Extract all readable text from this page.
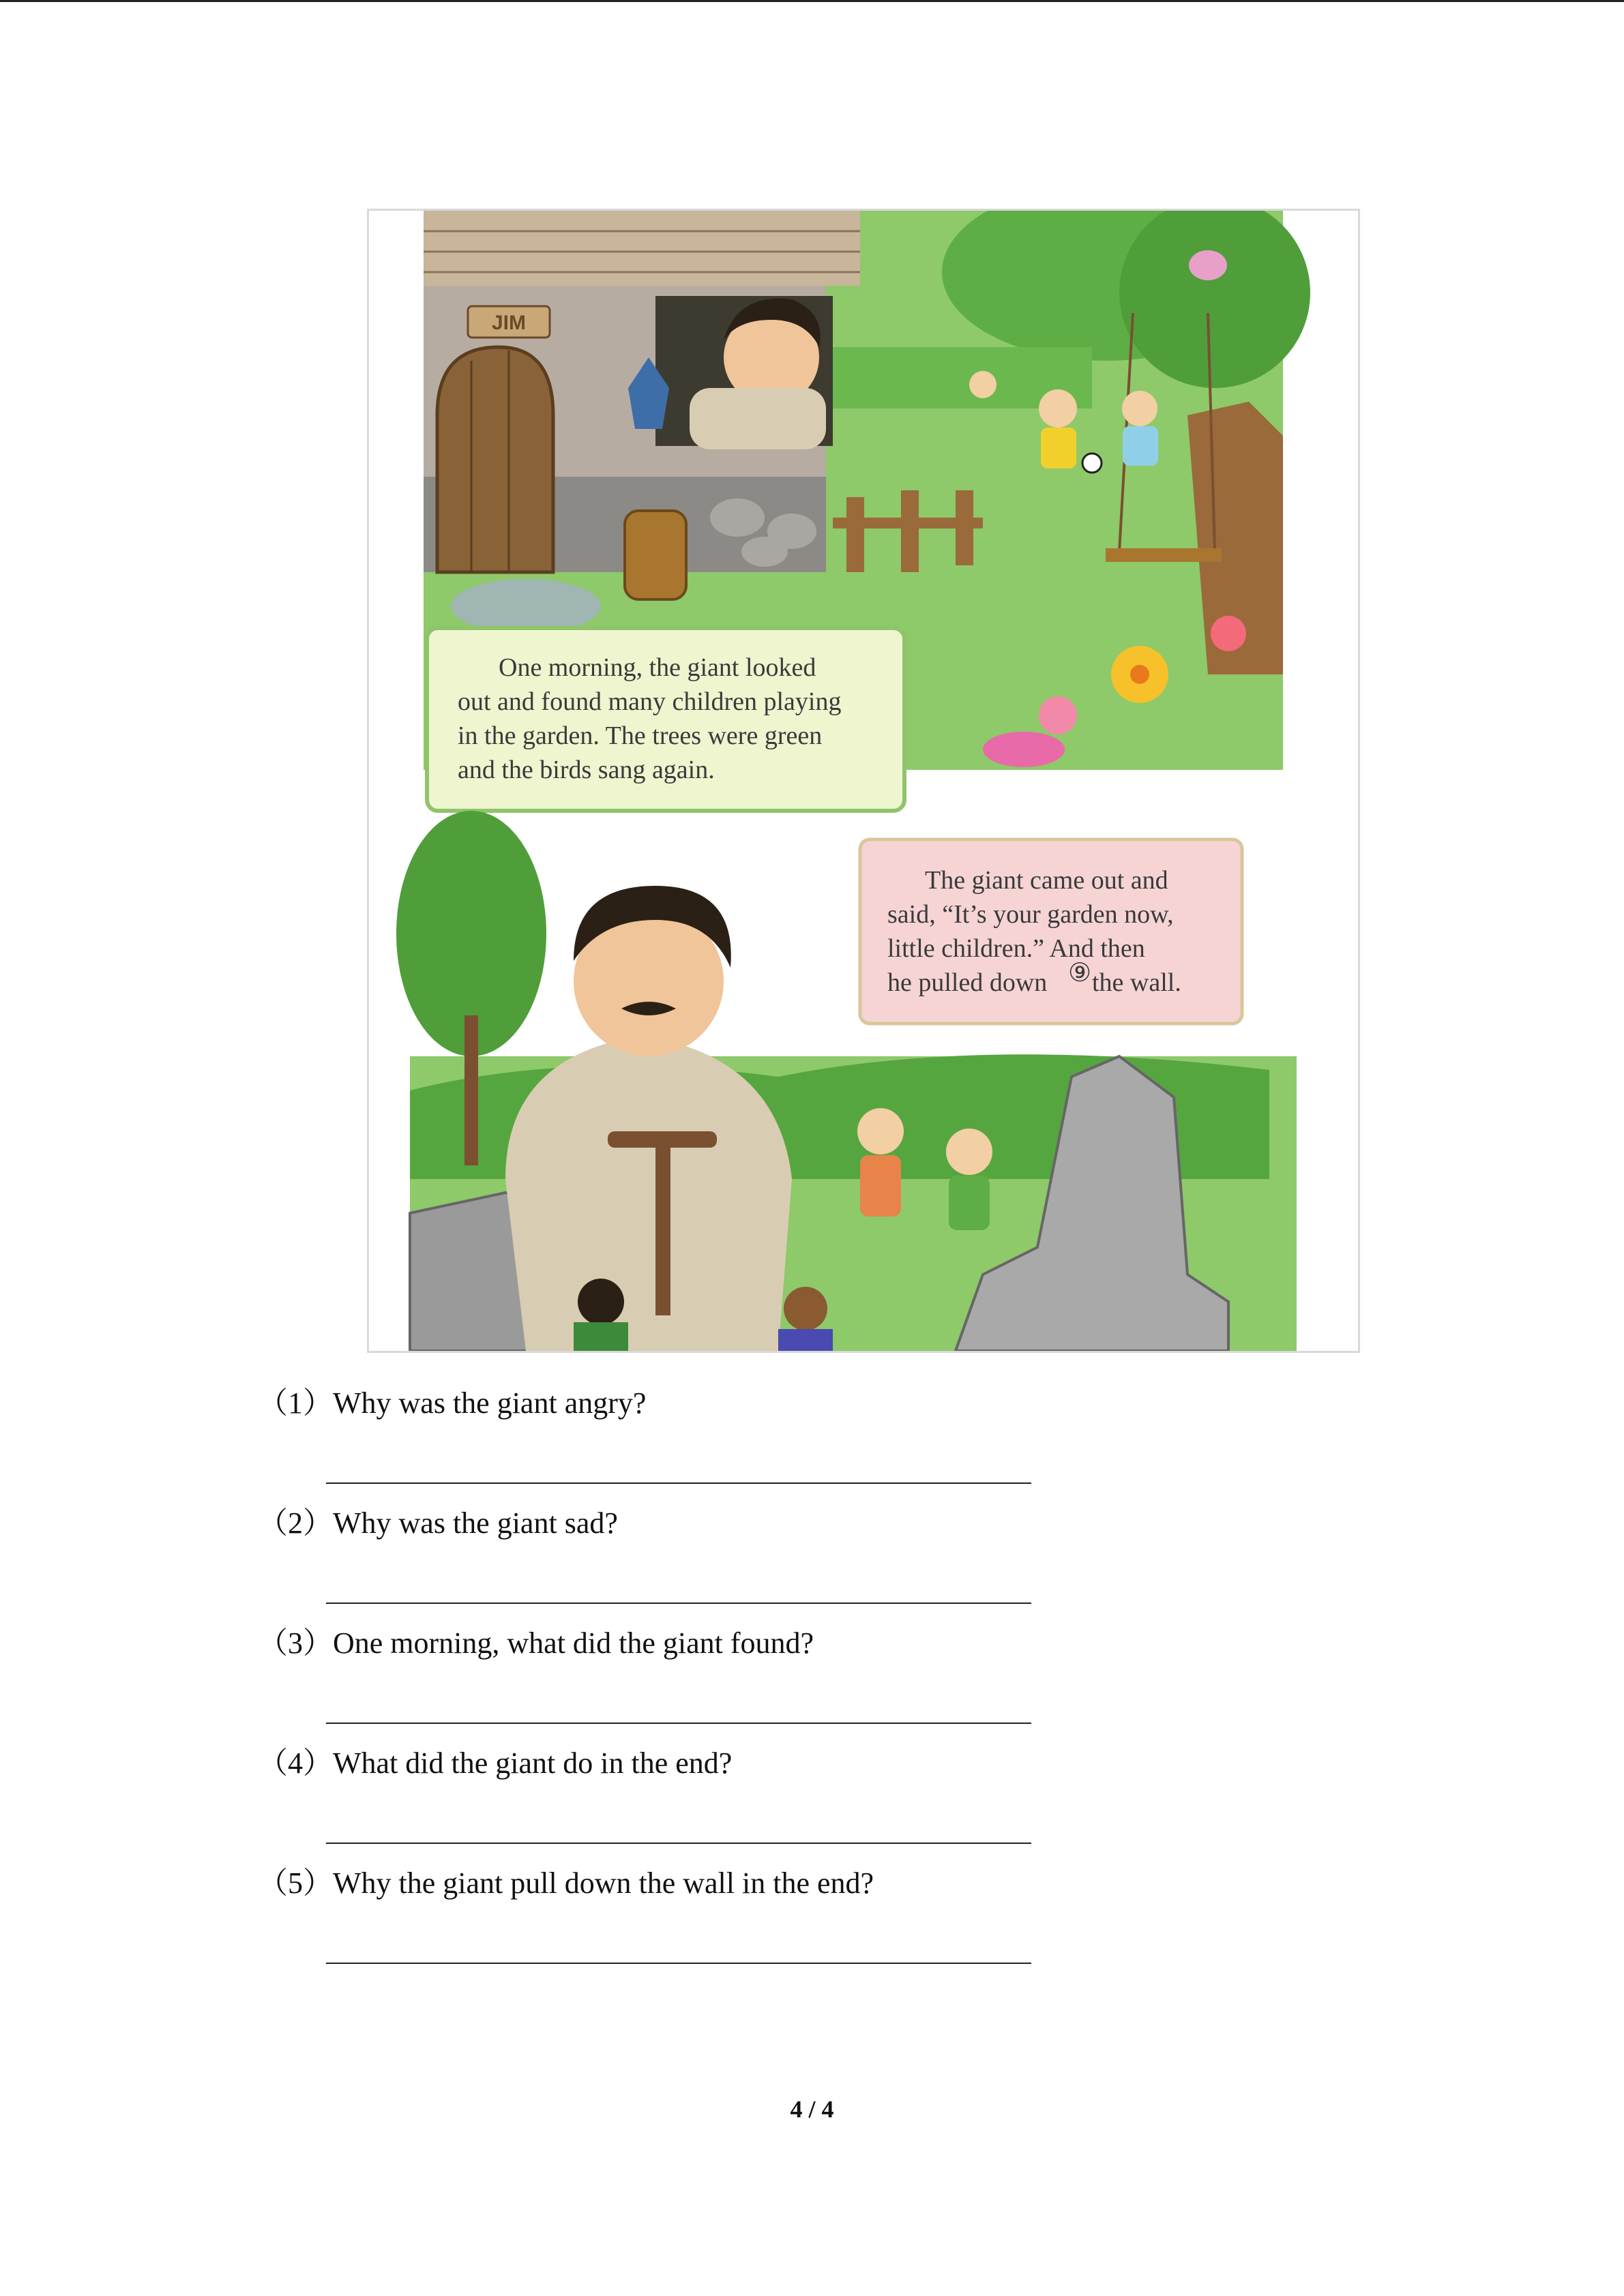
JIM
One morning, the giant looked
out and found many children playing
in the garden. The trees were green
and the birds sang again.
The giant came out and
said, “It’s your garden now,
little children.” And then
he pulled down ⑨ the wall.
（1）Why was the giant angry?
（2）Why was the giant sad?
（3）One morning, what did the giant found?
（4）What did the giant do in the end?
（5）Why the giant pull down the wall in the end?
4 / 4
